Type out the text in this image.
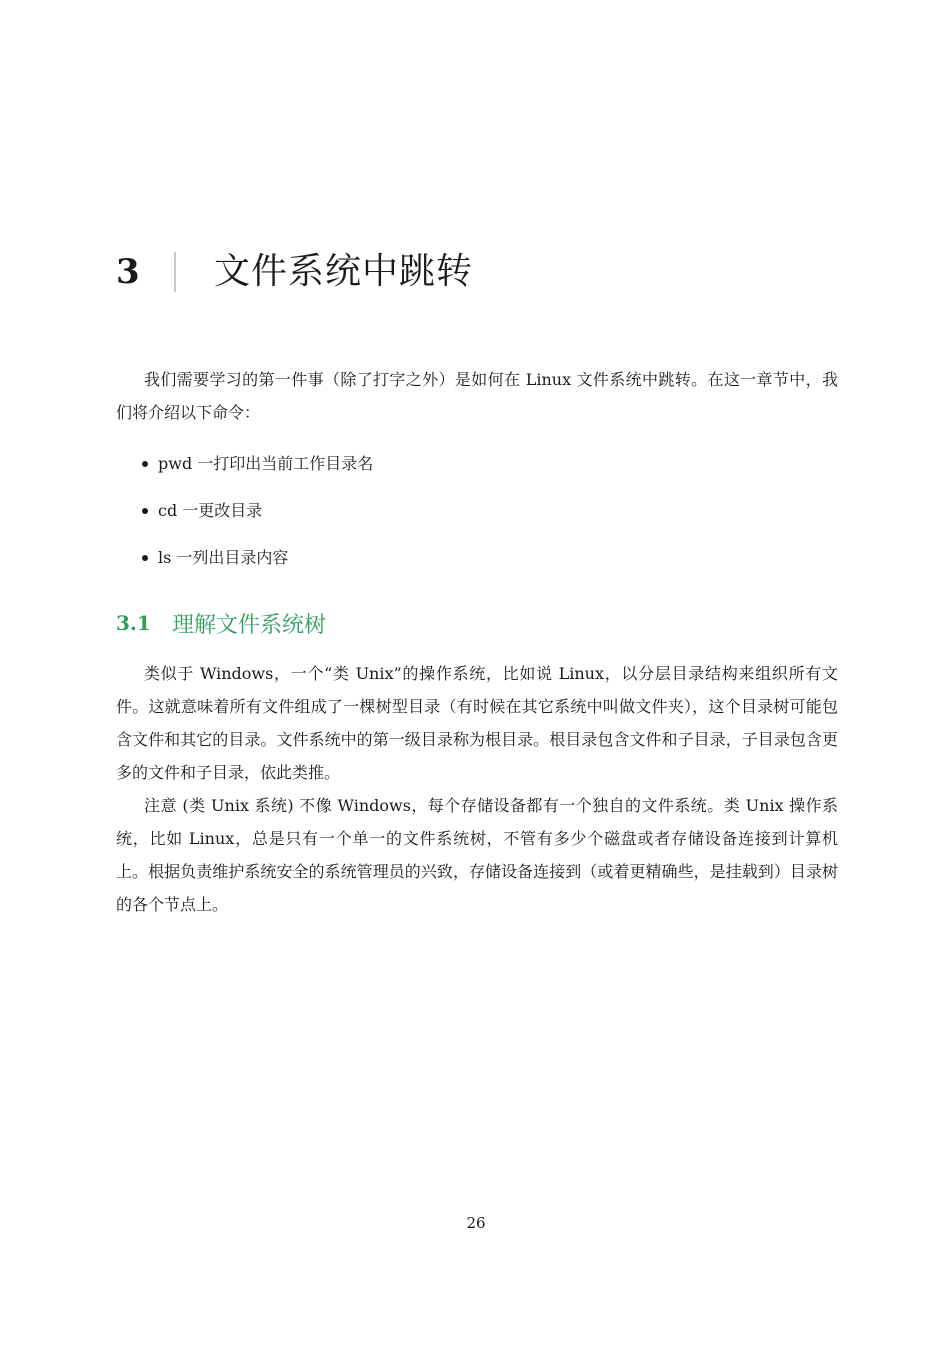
3	文件系统中跳转

我们需要学习的第一件事（除了打字之外）是如何在 Linux 文件系统中跳转。在这一章节中，我们将介绍以下命令：

pwd 一打印出当前工作目录名
cd 一更改目录
ls 一列出目录内容
3.1 理解文件系统树

类似于 Windows，一个“类 Unix”的操作系统，比如说 Linux，以分层目录结构来组织所有文件。这就意味着所有文件组成了一棵树型目录（有时候在其它系统中叫做文件夹），这个目录树可能包含文件和其它的目录。文件系统中的第一级目录称为根目录。根目录包含文件和子目录，子目录包含更多的文件和子目录，依此类推。

注意 (类 Unix 系统) 不像 Windows，每个存储设备都有一个独自的文件系统。类 Unix 操作系统，比如 Linux，总是只有一个单一的文件系统树，不管有多少个磁盘或者存储设备连接到计算机上。根据负责维护系统安全的系统管理员的兴致，存储设备连接到（或着更精确些，是挂载到）目录树的各个节点上。

26
